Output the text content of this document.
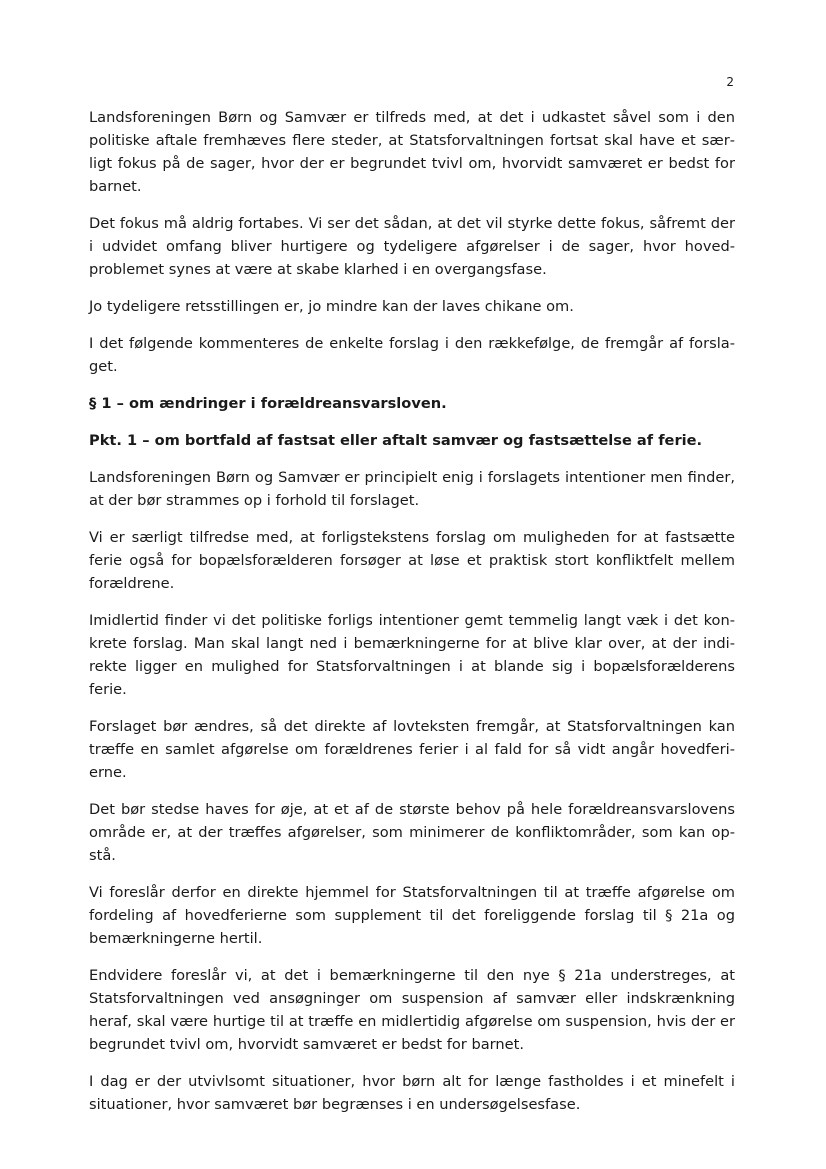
2

Landsforeningen Børn og Samvær er tilfreds med, at det i udkastet såvel som i den politiske aftale fremhæves flere steder, at Statsforvaltningen fortsat skal have et særligt fokus på de sager, hvor der er begrundet tvivl om, hvorvidt samværet er bedst for barnet.

Det fokus må aldrig fortabes. Vi ser det sådan, at det vil styrke dette fokus, såfremt der i udvidet omfang bliver hurtigere og tydeligere afgørelser i de sager, hvor hovedproblemet synes at være at skabe klarhed i en overgangsfase.

Jo tydeligere retsstillingen er, jo mindre kan der laves chikane om.

I det følgende kommenteres de enkelte forslag i den rækkefølge, de fremgår af forslaget.

§ 1 – om ændringer i forældreansvarsloven.

Pkt. 1 – om bortfald af fastsat eller aftalt samvær og fastsættelse af ferie.

Landsforeningen Børn og Samvær er principielt enig i forslagets intentioner men finder, at der bør strammes op i forhold til forslaget.

Vi er særligt tilfredse med, at forligstekstens forslag om muligheden for at fastsætte ferie også for bopælsforælderen forsøger at løse et praktisk stort konfliktfelt mellem forældrene.

Imidlertid finder vi det politiske forligs intentioner gemt temmelig langt væk i det konkrete forslag. Man skal langt ned i bemærkningerne for at blive klar over, at der indirekte ligger en mulighed for Statsforvaltningen i at blande sig i bopælsforælderens ferie.

Forslaget bør ændres, så det direkte af lovteksten fremgår, at Statsforvaltningen kan træffe en samlet afgørelse om forældrenes ferier i al fald for så vidt angår hovedferierne.

Det bør stedse haves for øje, at et af de største behov på hele forældreansvarslovens område er, at der træffes afgørelser, som minimerer de konfliktområder, som kan opstå.

Vi foreslår derfor en direkte hjemmel for Statsforvaltningen til at træffe afgørelse om fordeling af hovedferierne som supplement til det foreliggende forslag til § 21a og bemærkningerne hertil.

Endvidere foreslår vi, at det i bemærkningerne til den nye § 21a understreges, at Statsforvaltningen ved ansøgninger om suspension af samvær eller indskrænkning heraf, skal være hurtige til at træffe en midlertidig afgørelse om suspension, hvis der er begrundet tvivl om, hvorvidt samværet er bedst for barnet.

I dag er der utvivlsomt situationer, hvor børn alt for længe fastholdes i et minefelt i situationer, hvor samværet bør begrænses i en undersøgelsesfase.
